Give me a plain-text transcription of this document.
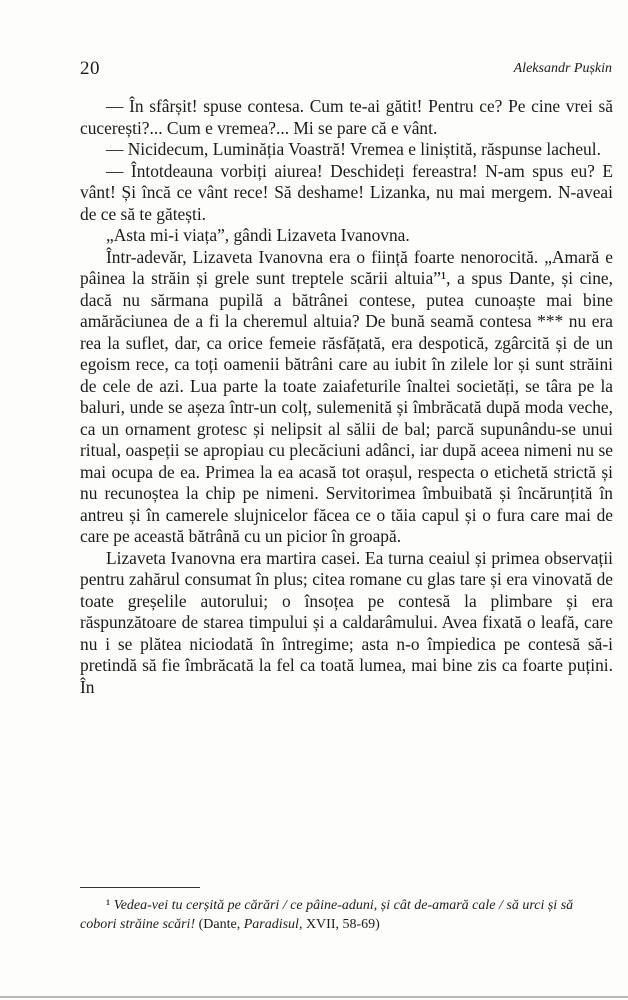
20	Aleksandr Pușkin

— În sfârșit! spuse contesa. Cum te-ai gătit! Pentru ce? Pe cine vrei să cucerești?... Cum e vremea?... Mi se pare că e vânt.

— Nicidecum, Luminăția Voastră! Vremea e liniștită, răspunse lacheul.

— Întotdeauna vorbiți aiurea! Deschideți fereastra! N-am spus eu? E vânt! Și încă ce vânt rece! Să deshame! Lizanka, nu mai mergem. N-aveai de ce să te gătești.

„Asta mi-i viața”, gândi Lizaveta Ivanovna.

Într-adevăr, Lizaveta Ivanovna era o ființă foarte nenorocită. „Amară e pâinea la străin și grele sunt treptele scării altuia”¹, a spus Dante, și cine, dacă nu sărmana pupilă a bătrânei contese, putea cunoaște mai bine amărăciunea de a fi la cheremul altuia? De bună seamă contesa *** nu era rea la suflet, dar, ca orice femeie răsfățată, era despotică, zgârcită și de un egoism rece, ca toți oamenii bătrâni care au iubit în zilele lor și sunt străini de cele de azi. Lua parte la toate zaiafeturile înaltei societăți, se târa pe la baluri, unde se așeza într-un colț, sulemenită și îmbrăcată după moda veche, ca un ornament grotesc și nelipsit al sălii de bal; parcă supunându-se unui ritual, oaspeții se apropiau cu plecăciuni adânci, iar după aceea nimeni nu se mai ocupa de ea. Primea la ea acasă tot orașul, respecta o etichetă strictă și nu recunoștea la chip pe nimeni. Servitorimea îmbuibată și încărunțită în antreu și în camerele slujnicelor făcea ce o tăia capul și o fura care mai de care pe această bătrână cu un picior în groapă.

Lizaveta Ivanovna era martira casei. Ea turna ceaiul și primea observații pentru zahărul consumat în plus; citea romane cu glas tare și era vinovată de toate greșelile autorului; o însoțea pe contesă la plimbare și era răspunzătoare de starea timpului și a caldarâmului. Avea fixată o leafă, care nu i se plătea niciodată în întregime; asta n-o împiedica pe contesă să-i pretindă să fie îmbrăcată la fel ca toată lumea, mai bine zis ca foarte puțini. În

¹ Vedea-vei tu cerșită pe cărări / ce pâine-aduni, și cât de-amară cale / să urci și să cobori străine scări! (Dante, Paradisul, XVII, 58-69)
